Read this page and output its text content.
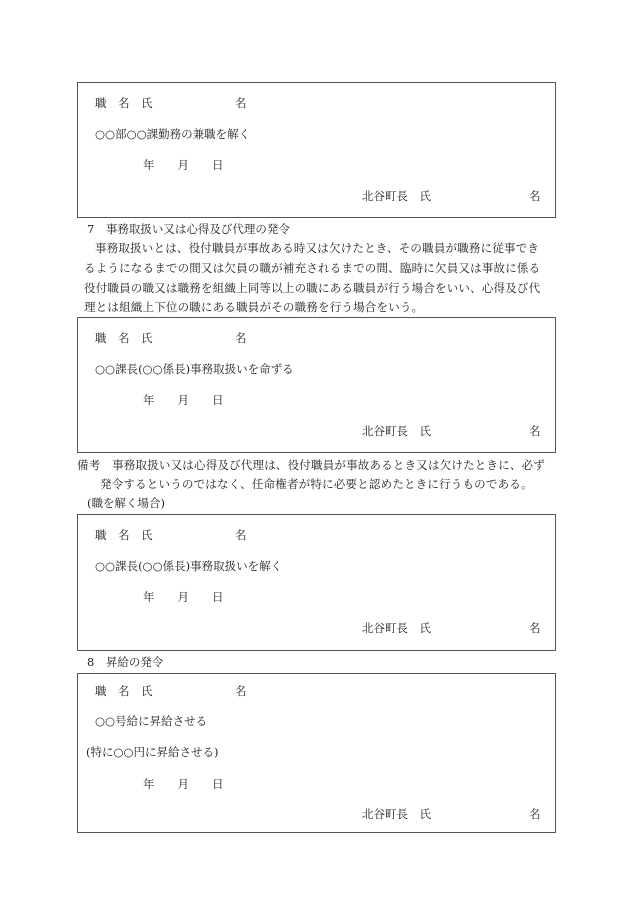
職　名　氏	名
○○部○○課勤務の兼職を解く
年　　月　　日
北谷町長　氏	名
7　事務取扱い又は心得及び代理の発令
事務取扱いとは、役付職員が事故ある時又は欠けたとき、その職員が職務に従事でき
るようになるまでの間又は欠員の職が補充されるまでの間、臨時に欠員又は事故に係る
役付職員の職又は職務を組織上同等以上の職にある職員が行う場合をいい、心得及び代
理とは組織上下位の職にある職員がその職務を行う場合をいう。
職　名　氏	名
○○課長(○○係長)事務取扱いを命ずる
年　　月　　日
北谷町長　氏	名
備考　事務取扱い又は心得及び代理は、役付職員が事故あるとき又は欠けたときに、必ず
発令するというのではなく、任命権者が特に必要と認めたときに行うものである。
(職を解く場合)
職　名　氏	名
○○課長(○○係長)事務取扱いを解く
年　　月　　日
北谷町長　氏	名
8　昇給の発令
職　名　氏	名
○○号給に昇給させる
(特に○○円に昇給させる)
年　　月　　日
北谷町長　氏	名
